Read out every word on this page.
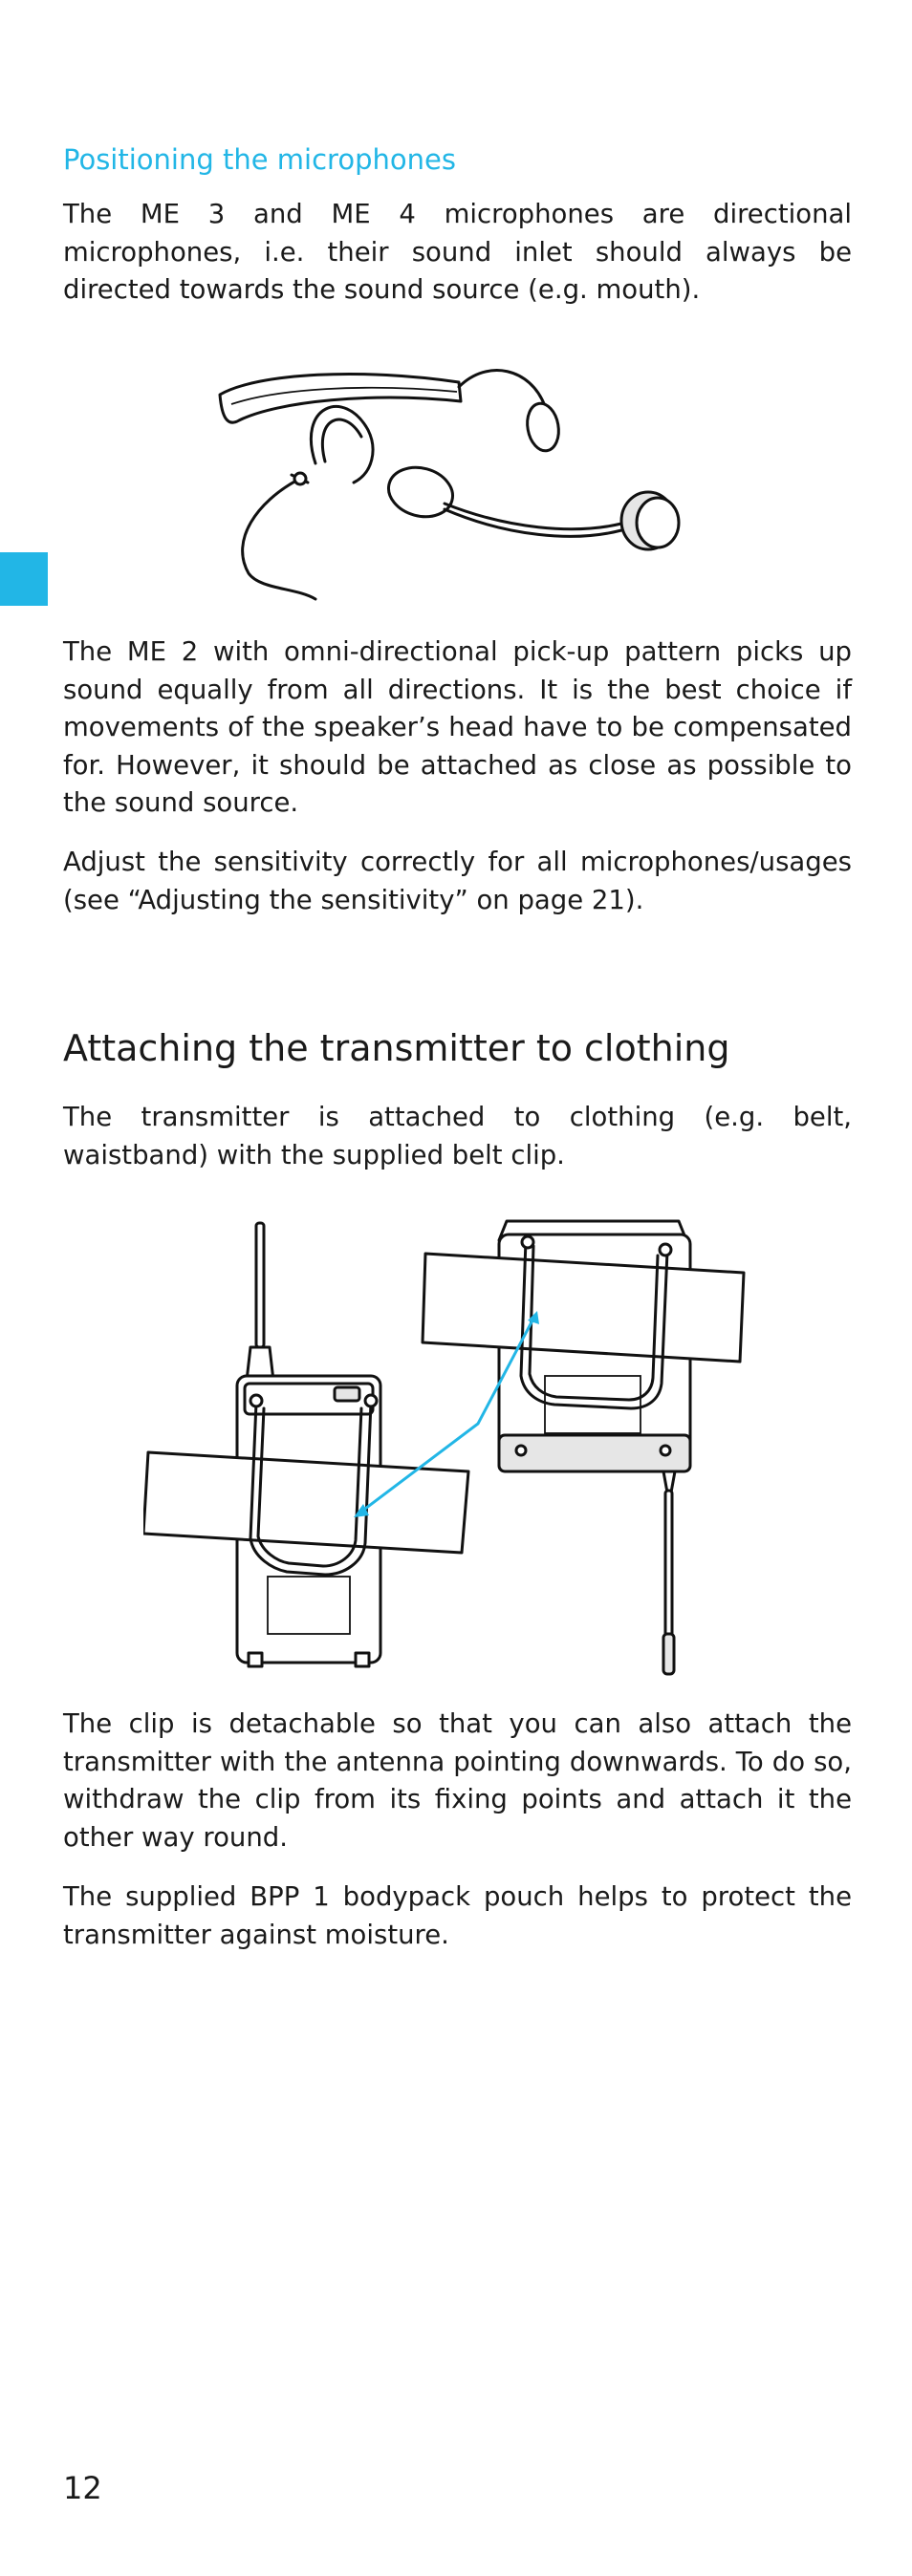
Positioning the microphones

The ME 3 and ME 4 microphones are directional microphones, i.e. their sound inlet should always be directed towards the sound source (e.g. mouth).

The ME 2 with omni-directional pick-up pattern picks up sound equally from all directions. It is the best choice if movements of the speaker’s head have to be compensated for. However, it should be attached as close as possible to the sound source.

Adjust the sensitivity correctly for all microphones/usages (see “Adjusting the sensitivity” on page 21).

Attaching the transmitter to clothing

The transmitter is attached to clothing (e.g. belt, waistband) with the supplied belt clip.

The clip is detachable so that you can also attach the transmitter with the antenna pointing downwards. To do so, withdraw the clip from its fixing points and attach it the other way round.

The supplied BPP 1 bodypack pouch helps to protect the transmitter against moisture.

12
